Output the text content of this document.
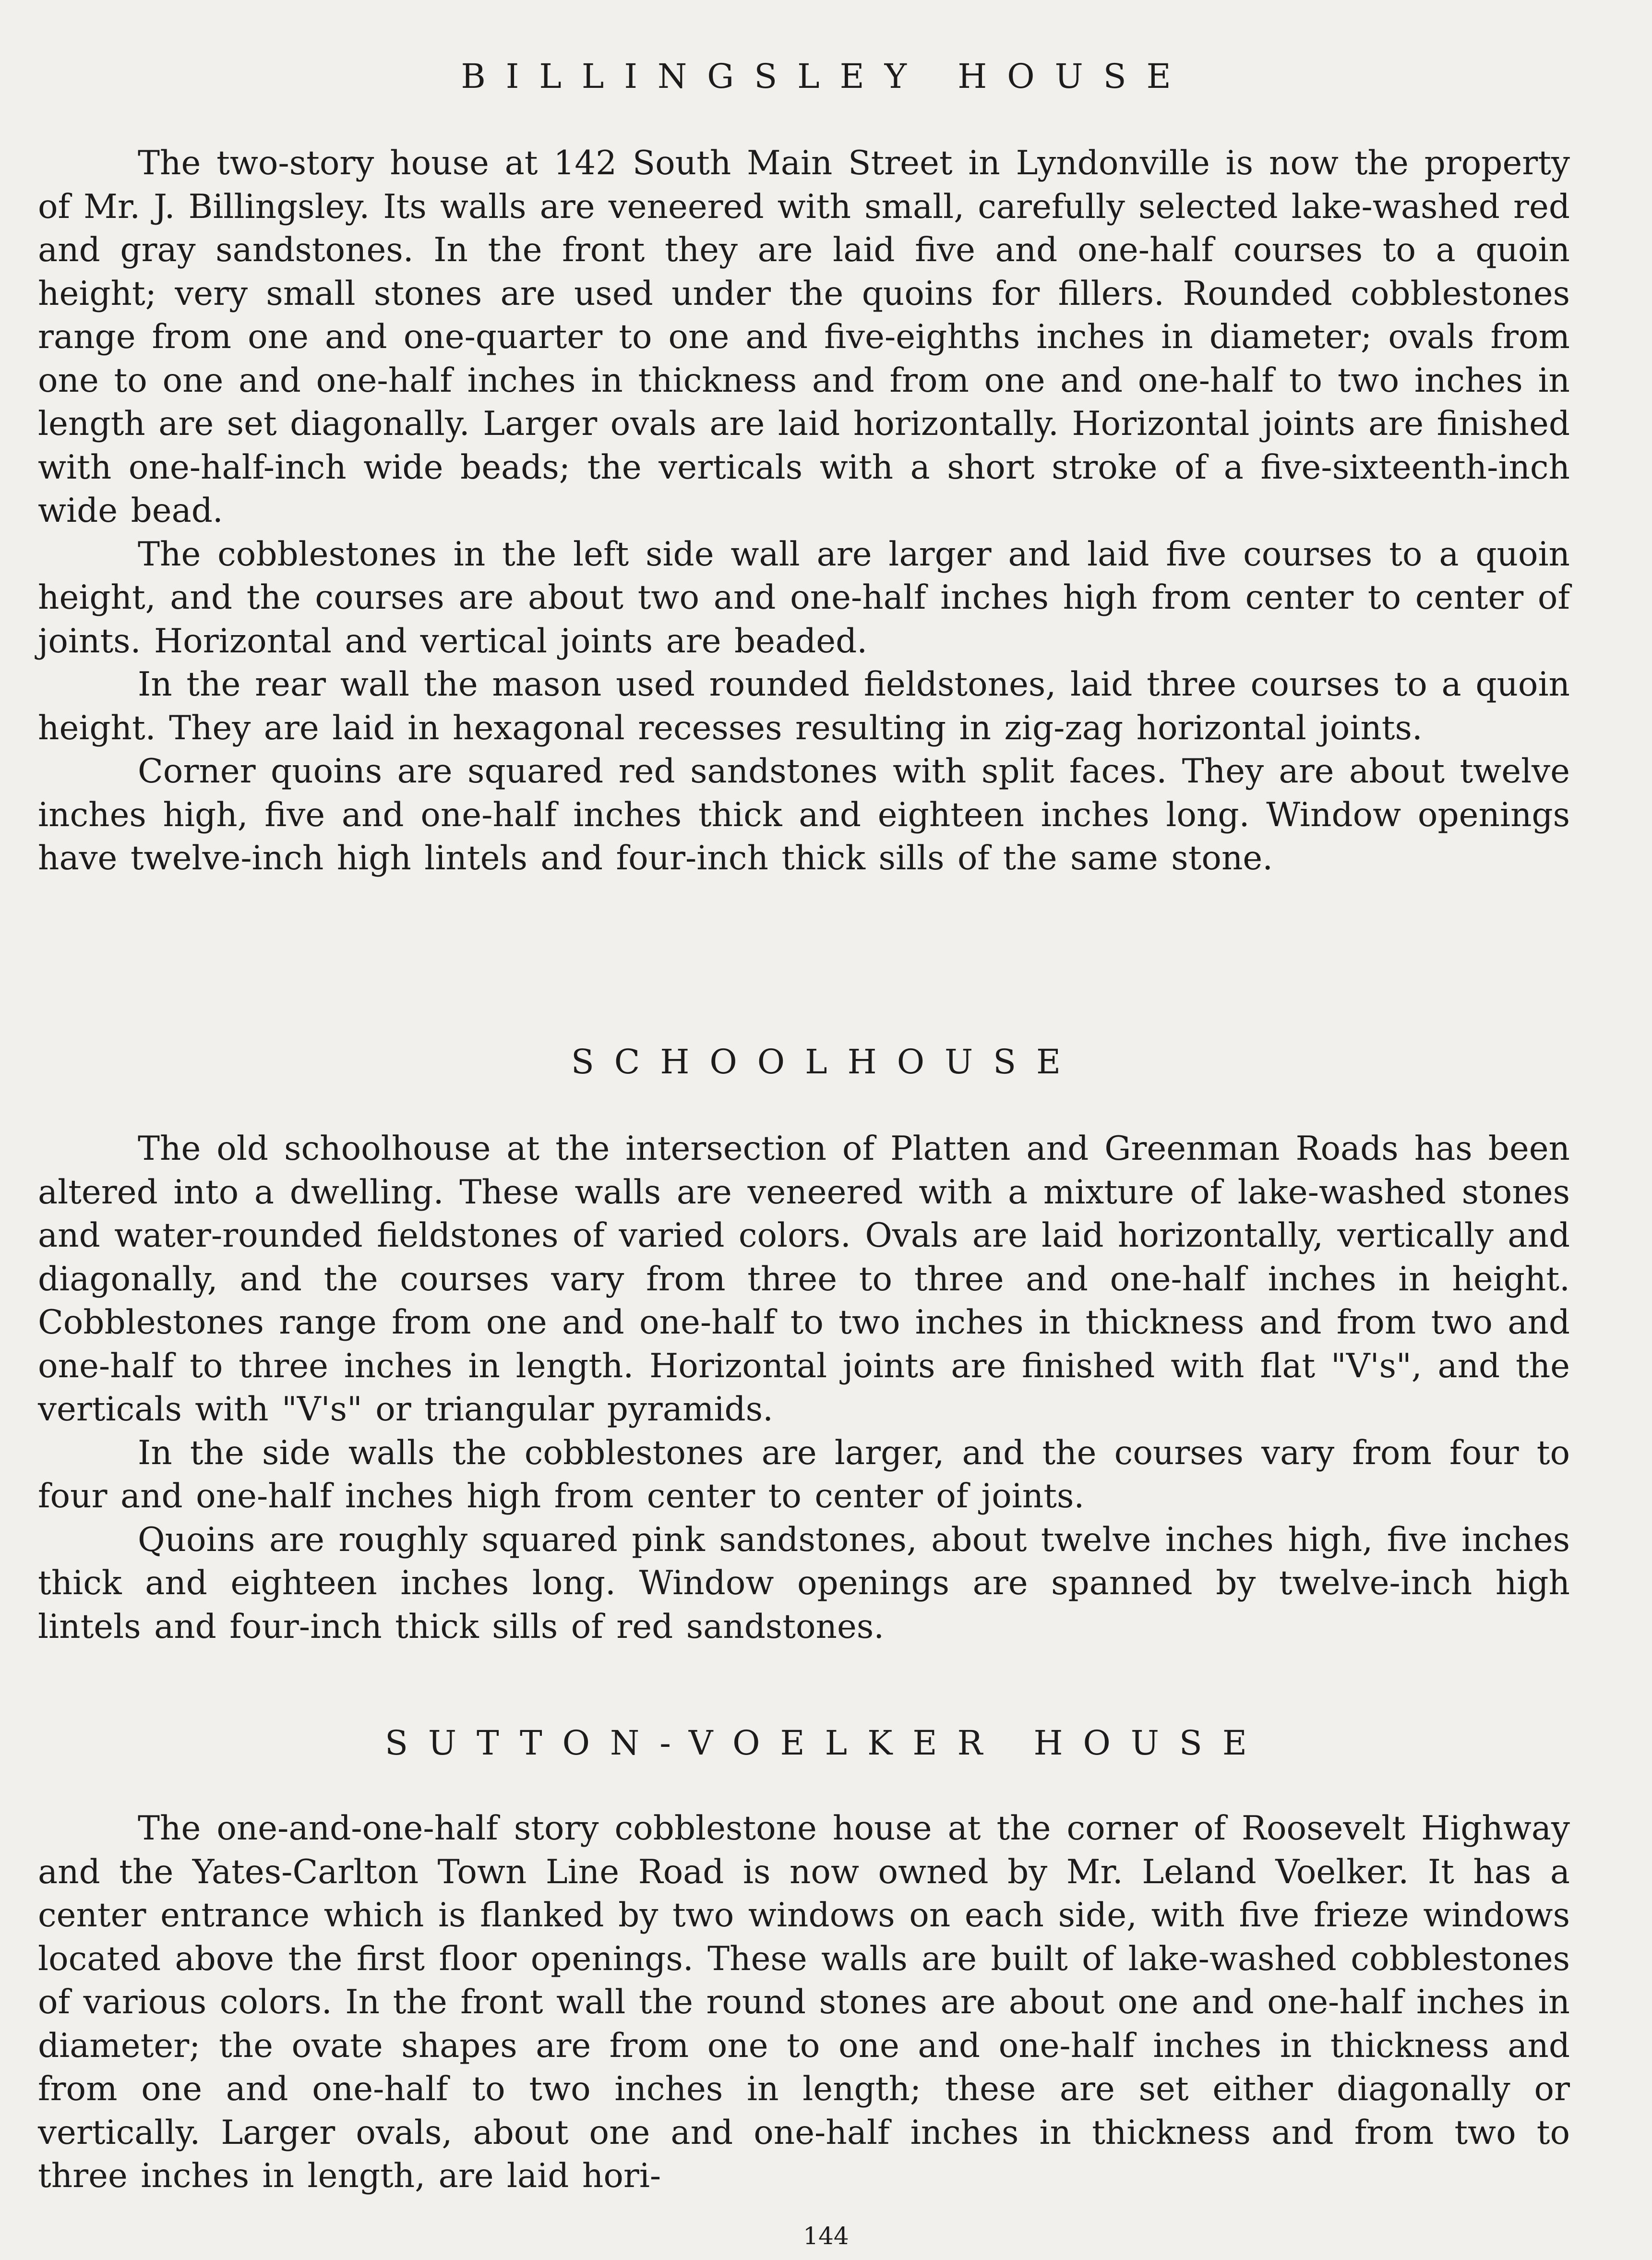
BILLINGSLEY HOUSE

The two-story house at 142 South Main Street in Lyndonville is now the property of Mr. J. Billingsley. Its walls are veneered with small, carefully selected lake-washed red and gray sandstones. In the front they are laid five and one-half courses to a quoin height; very small stones are used under the quoins for fillers. Rounded cobblestones range from one and one-quarter to one and five-eighths inches in diameter; ovals from one to one and one-half inches in thickness and from one and one-half to two inches in length are set diagonally. Larger ovals are laid horizontally. Horizontal joints are finished with one-half-inch wide beads; the verticals with a short stroke of a five-sixteenth-inch wide bead.

The cobblestones in the left side wall are larger and laid five courses to a quoin height, and the courses are about two and one-half inches high from center to center of joints. Horizontal and vertical joints are beaded.

In the rear wall the mason used rounded fieldstones, laid three courses to a quoin height. They are laid in hexagonal recesses resulting in zig-zag horizontal joints.

Corner quoins are squared red sandstones with split faces. They are about twelve inches high, five and one-half inches thick and eighteen inches long. Window openings have twelve-inch high lintels and four-inch thick sills of the same stone.

SCHOOLHOUSE

The old schoolhouse at the intersection of Platten and Greenman Roads has been altered into a dwelling. These walls are veneered with a mixture of lake-washed stones and water-rounded fieldstones of varied colors. Ovals are laid horizontally, vertically and diagonally, and the courses vary from three to three and one-half inches in height. Cobblestones range from one and one-half to two inches in thickness and from two and one-half to three inches in length. Horizontal joints are finished with flat "V's", and the verticals with "V's" or triangular pyramids.

In the side walls the cobblestones are larger, and the courses vary from four to four and one-half inches high from center to center of joints.

Quoins are roughly squared pink sandstones, about twelve inches high, five inches thick and eighteen inches long. Window openings are spanned by twelve-inch high lintels and four-inch thick sills of red sandstones.

SUTTON-VOELKER HOUSE

The one-and-one-half story cobblestone house at the corner of Roosevelt Highway and the Yates-Carlton Town Line Road is now owned by Mr. Leland Voelker. It has a center entrance which is flanked by two windows on each side, with five frieze windows located above the first floor openings. These walls are built of lake-washed cobblestones of various colors. In the front wall the round stones are about one and one-half inches in diameter; the ovate shapes are from one to one and one-half inches in thickness and from one and one-half to two inches in length; these are set either diagonally or vertically. Larger ovals, about one and one-half inches in thickness and from two to three inches in length, are laid hori-

144
